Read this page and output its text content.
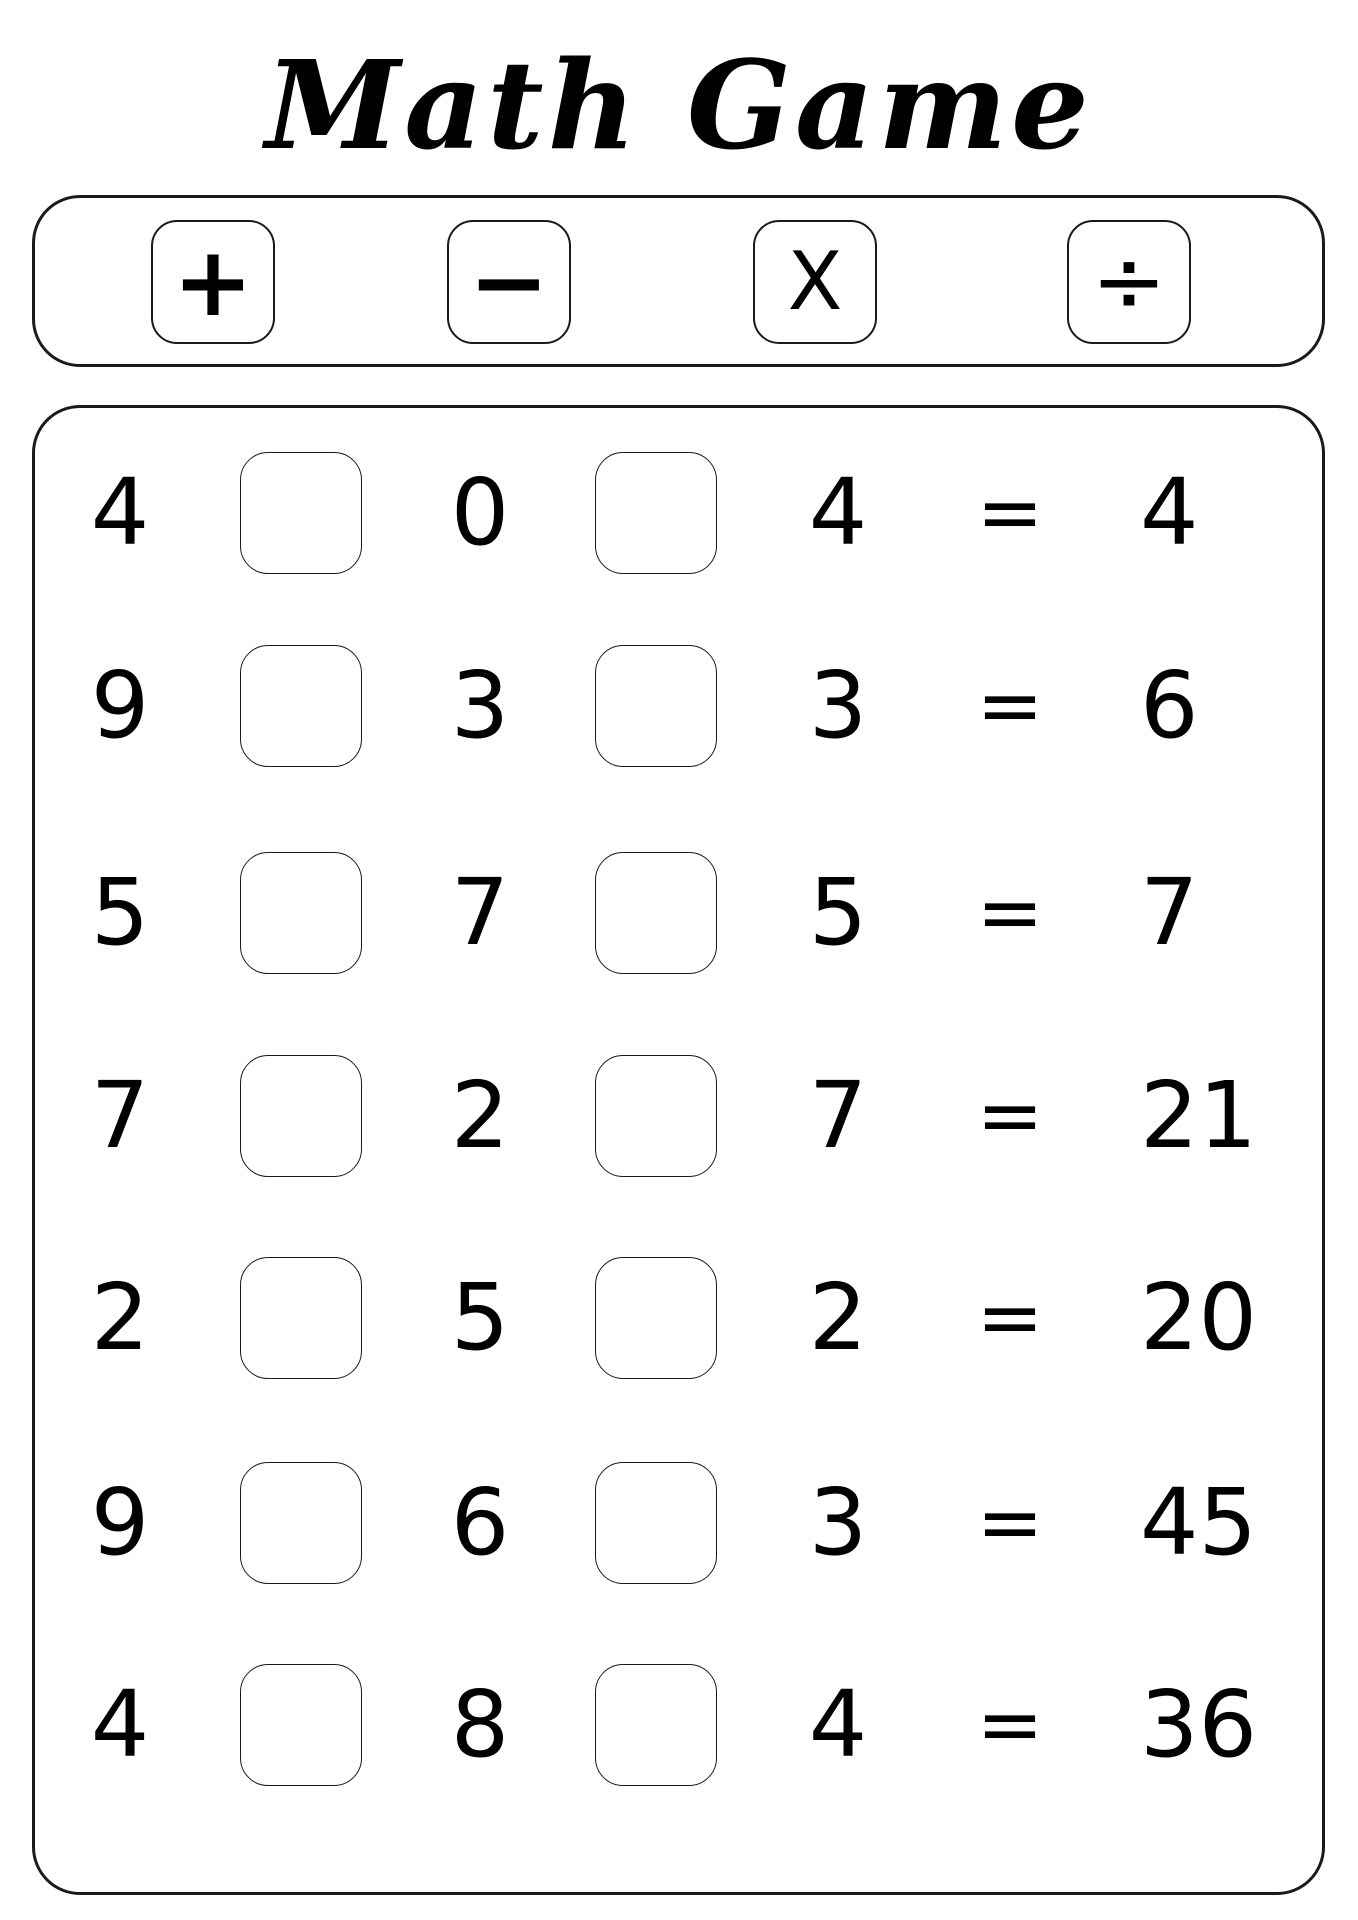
Math Game
+ −	X	÷
4	0	4 = 4
9	3	3 = 6
5	7	5 = 7
7	2	7 = 21
2	5	2 = 20
9	6	3 = 45
4	8	4 = 36
